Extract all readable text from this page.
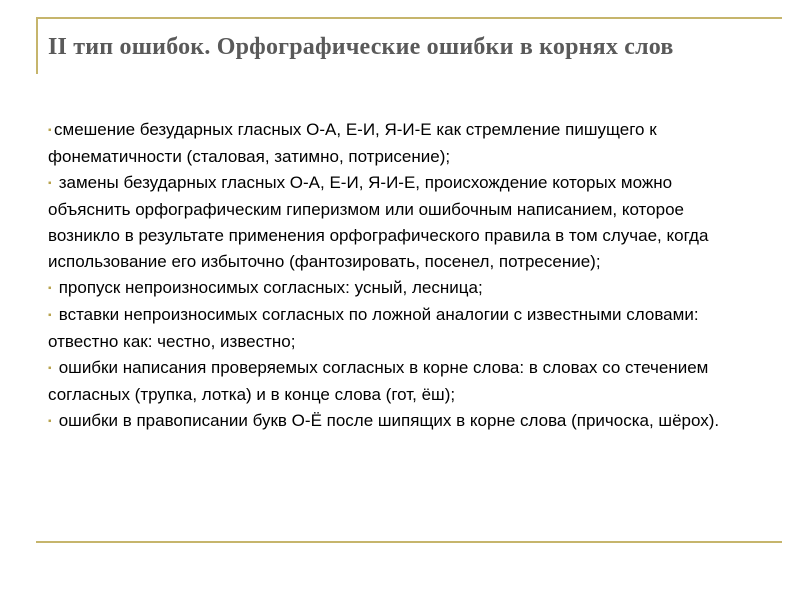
II тип ошибок. Орфографические ошибки в корнях слов
▪ смешение безударных гласных О-А, Е-И, Я-И-Е как стремление пишущего к фонематичности (сталовая, затимно, потрисение);
▪ замены безударных гласных О-А, Е-И, Я-И-Е, происхождение которых можно объяснить орфографическим гиперизмом или ошибочным написанием, которое возникло в результате применения орфографического правила в том случае, когда использование его избыточно (фантозировать, посенел, потресение);
▪ пропуск непроизносимых согласных: усный, лесница;
▪ вставки непроизносимых согласных по ложной аналогии с известными словами: отвестно как: честно, известно;
▪ ошибки написания проверяемых согласных в корне слова: в словах со стечением согласных (трупка, лотка) и в конце слова (гот, ёш);
▪ ошибки в правописании букв О-Ё после шипящих в корне слова (причоска, шёрох).
